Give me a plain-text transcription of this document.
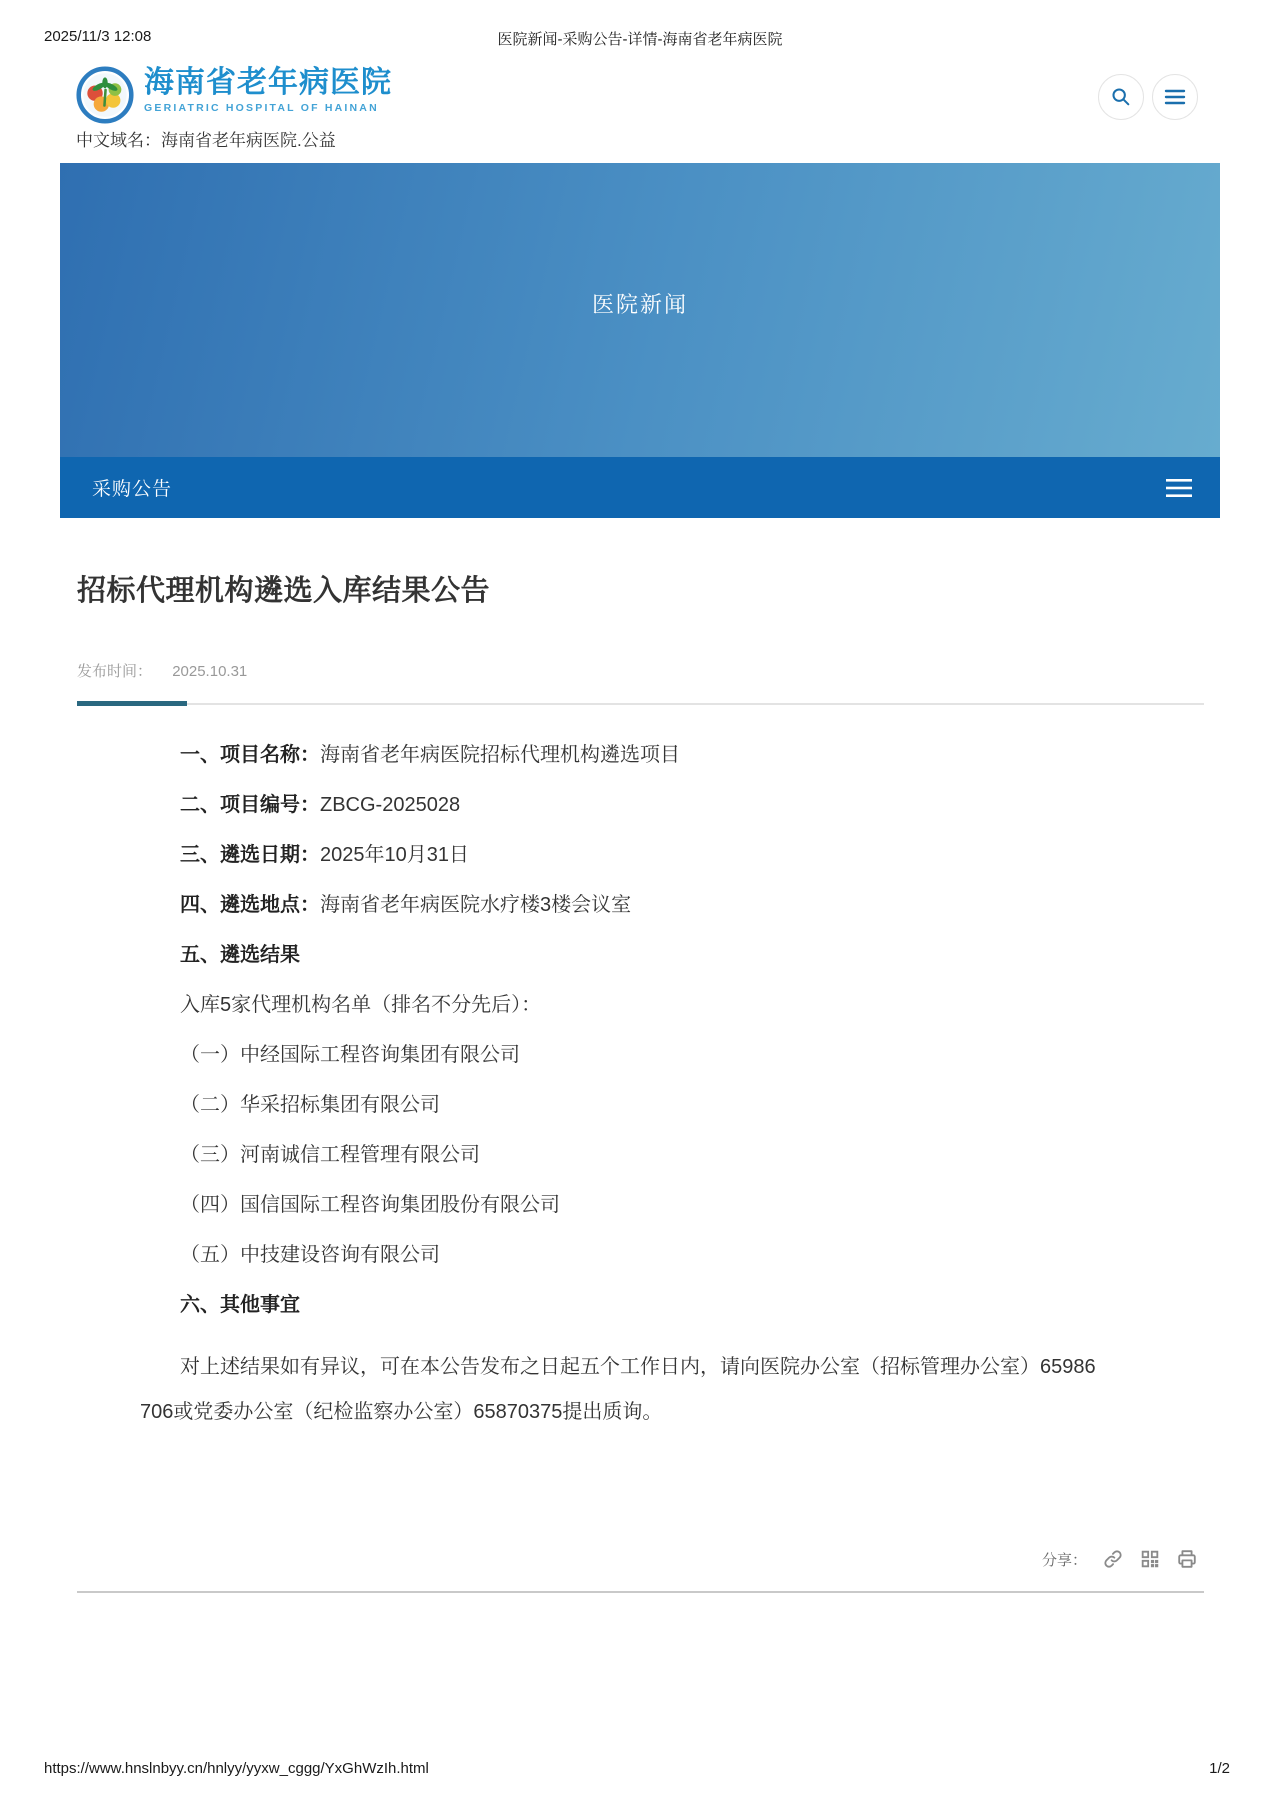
2025/11/3 12:08	医院新闻-采购公告-详情-海南省老年病医院
海南省老年病医院
GERIATRIC HOSPITAL OF HAINAN
中文域名：海南省老年病医院.公益
医院新闻
采购公告
招标代理机构遴选入库结果公告
发布时间： 2025.10.31

一、项目名称：海南省老年病医院招标代理机构遴选项目

二、项目编号：ZBCG-2025028

三、遴选日期：2025年10月31日

四、遴选地点：海南省老年病医院水疗楼3楼会议室

五、遴选结果

入库5家代理机构名单（排名不分先后）：

（一）中经国际工程咨询集团有限公司

（二）华采招标集团有限公司

（三）河南诚信工程管理有限公司

（四）国信国际工程咨询集团股份有限公司

（五）中技建设咨询有限公司

六、其他事宜

对上述结果如有异议，可在本公告发布之日起五个工作日内，请向医院办公室（招标管理办公室）65986706或党委办公室（纪检监察办公室）65870375提出质询。

分享：
https://www.hnslnbyy.cn/hnlyy/yyxw_cggg/YxGhWzIh.html	1/2
